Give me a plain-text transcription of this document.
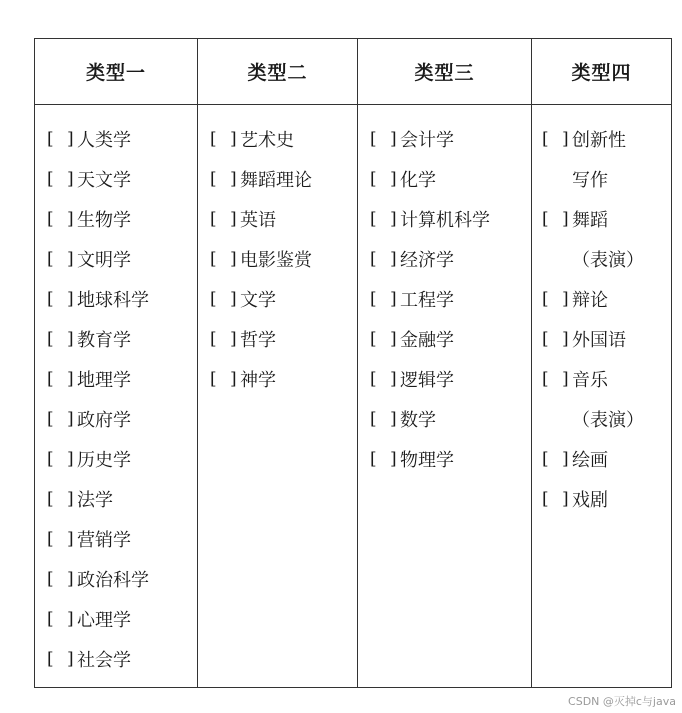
类型一
[ ] 人类学
[ ] 天文学
[ ] 生物学
[ ] 文明学
[ ] 地球科学
[ ] 教育学
[ ] 地理学
[ ] 政府学
[ ] 历史学
[ ] 法学
[ ] 营销学
[ ] 政治科学
[ ] 心理学
[ ] 社会学
类型二
[ ] 艺术史
[ ] 舞蹈理论
[ ] 英语
[ ] 电影鉴赏
[ ] 文学
[ ] 哲学
[ ] 神学
类型三
[ ] 会计学
[ ] 化学
[ ] 计算机科学
[ ] 经济学
[ ] 工程学
[ ] 金融学
[ ] 逻辑学
[ ] 数学
[ ] 物理学
类型四
[ ] 创新性
写作
[ ] 舞蹈
（表演）
[ ] 辩论
[ ] 外国语
[ ] 音乐
（表演）
[ ] 绘画
[ ] 戏剧
CSDN @灭掉c与java
